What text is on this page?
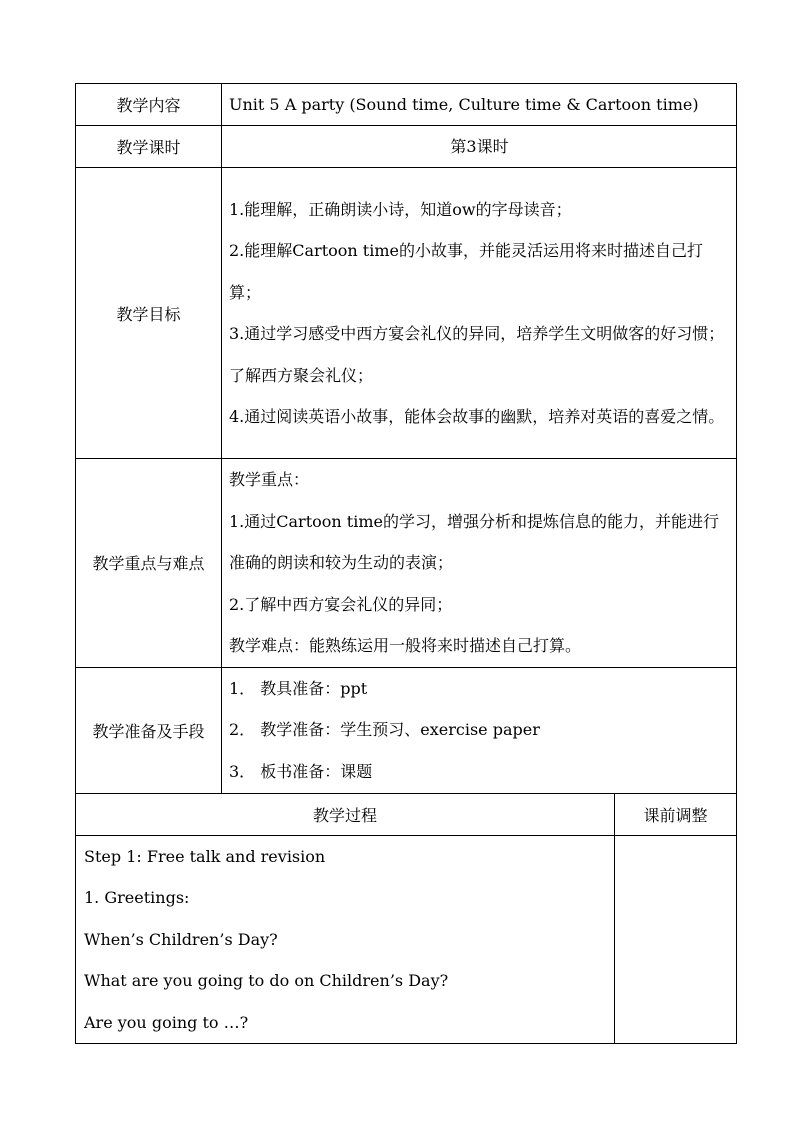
教学内容	Unit 5 A party (Sound time, Culture time & Cartoon time)	
教学课时	第3课时	
教学目标	1.能理解，正确朗读小诗，知道ow的字母读音；
2.能理解Cartoon time的小故事，并能灵活运用将来时描述自己打算；
3.通过学习感受中西方宴会礼仪的异同，培养学生文明做客的好习惯；了解西方聚会礼仪；
4.通过阅读英语小故事，能体会故事的幽默，培养对英语的喜爱之情。	

教学重点与难点	教学重点：
1.通过Cartoon time的学习，增强分析和提炼信息的能力，并能进行准确的朗读和较为生动的表演；
2.了解中西方宴会礼仪的异同；
教学难点：能熟练运用一般将来时描述自己打算。	

教学准备及手段	1． 教具准备：ppt
2． 教学准备：学生预习、exercise paper
3． 板书准备：课题	

教学过程		课前调整

Step 1: Free talk and revision
1. Greetings:
When’s Children’s Day?
What are you going to do on Children’s Day?
Are you going to …?		
